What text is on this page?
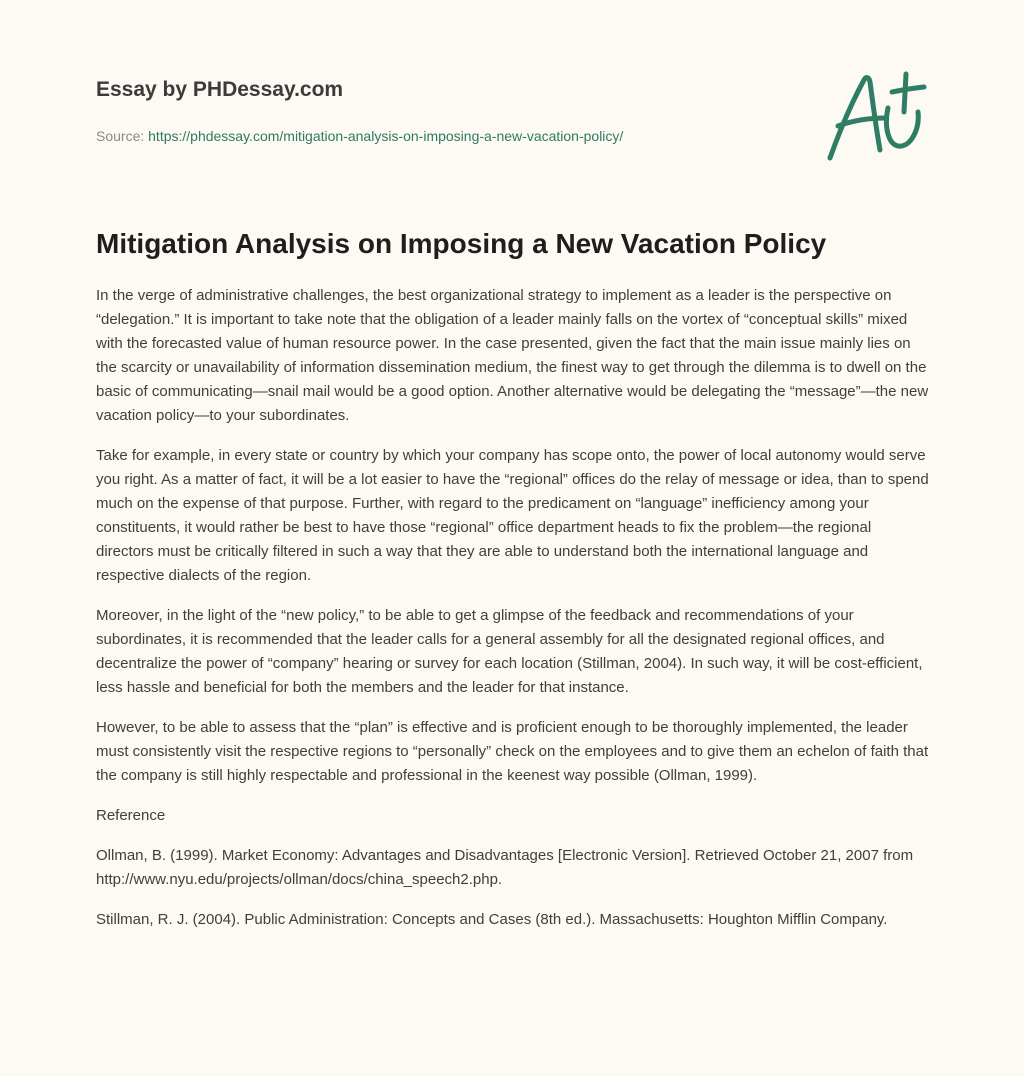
Essay by PHDessay.com
Source: https://phdessay.com/mitigation-analysis-on-imposing-a-new-vacation-policy/
Mitigation Analysis on Imposing a New Vacation Policy

In the verge of administrative challenges, the best organizational strategy to implement as a leader is the perspective on “delegation.” It is important to take note that the obligation of a leader mainly falls on the vortex of “conceptual skills” mixed with the forecasted value of human resource power. In the case presented, given the fact that the main issue mainly lies on the scarcity or unavailability of information dissemination medium, the finest way to get through the dilemma is to dwell on the basic of communicating—snail mail would be a good option. Another alternative would be delegating the “message”—the new vacation policy—to your subordinates.

Take for example, in every state or country by which your company has scope onto, the power of local autonomy would serve you right. As a matter of fact, it will be a lot easier to have the “regional” offices do the relay of message or idea, than to spend much on the expense of that purpose. Further, with regard to the predicament on “language” inefficiency among your constituents, it would rather be best to have those “regional” office department heads to fix the problem—the regional directors must be critically filtered in such a way that they are able to understand both the international language and respective dialects of the region.

Moreover, in the light of the “new policy,” to be able to get a glimpse of the feedback and recommendations of your subordinates, it is recommended that the leader calls for a general assembly for all the designated regional offices, and decentralize the power of “company” hearing or survey for each location (Stillman, 2004). In such way, it will be cost-efficient, less hassle and beneficial for both the members and the leader for that instance.

However, to be able to assess that the “plan” is effective and is proficient enough to be thoroughly implemented, the leader must consistently visit the respective regions to “personally” check on the employees and to give them an echelon of faith that the company is still highly respectable and professional in the keenest way possible (Ollman, 1999).

Reference

Ollman, B. (1999). Market Economy: Advantages and Disadvantages [Electronic Version]. Retrieved October 21, 2007 from http://www.nyu.edu/projects/ollman/docs/china_speech2.php.

Stillman, R. J. (2004). Public Administration: Concepts and Cases (8th ed.). Massachusetts: Houghton Mifflin Company.
